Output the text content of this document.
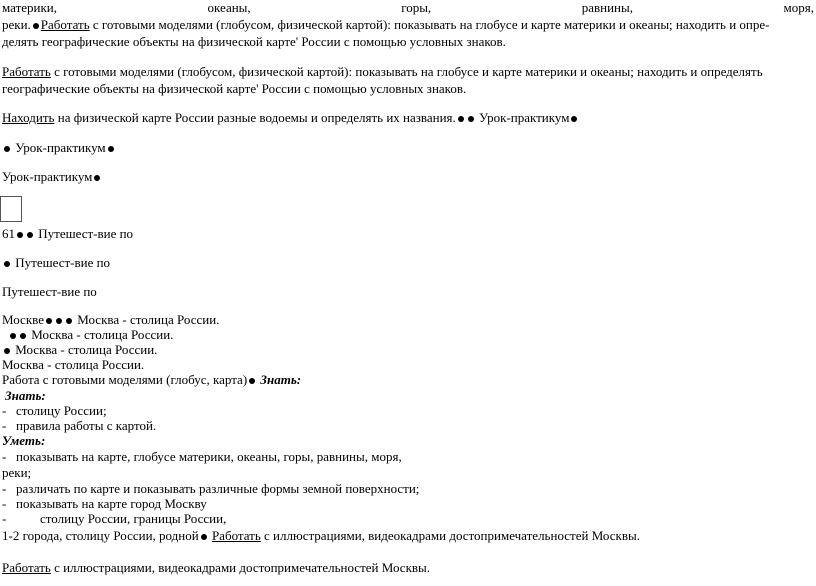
материки,	океаны,	горы,	равнины,	моря,
реки. Работать с готовыми моделями (глобусом, физической картой): показывать на глобусе и карте материки и океаны; находить и опре-
делять географические объекты на физической карте' России с помощью условных знаков.
Работать с готовыми моделями (глобусом, физической картой): показывать на глобусе и карте материки и океаны; находить и определять
географические объекты на физической карте' России с помощью условных знаков.
Находить на физической карте России разные водоемы и определять их названия. Урок-практикум
Урок-практикум
Урок-практикум
61 Путешест-вие по
Путешест-вие по
Путешест-вие по
Москве	Москва - столица России.
Москва - столица России.
Москва - столица России.
Москва - столица России.
Работа с готовыми моделями (глобус, карта) Знать:
Знать:
- столицу России;
- правила работы с картой.
Уметь:
- показывать на карте, глобусе материки, океаны, горы, равнины, моря,
реки;
- различать по карте и показывать различные формы земной поверхности;
- показывать на карте город Москву
-	столицу России, границы России,
1-2 города, столицу России, родной Работать с иллюстрациями, видеокадрами достопримечательностей Москвы.
Работать с иллюстрациями, видеокадрами достопримечательностей Москвы.
